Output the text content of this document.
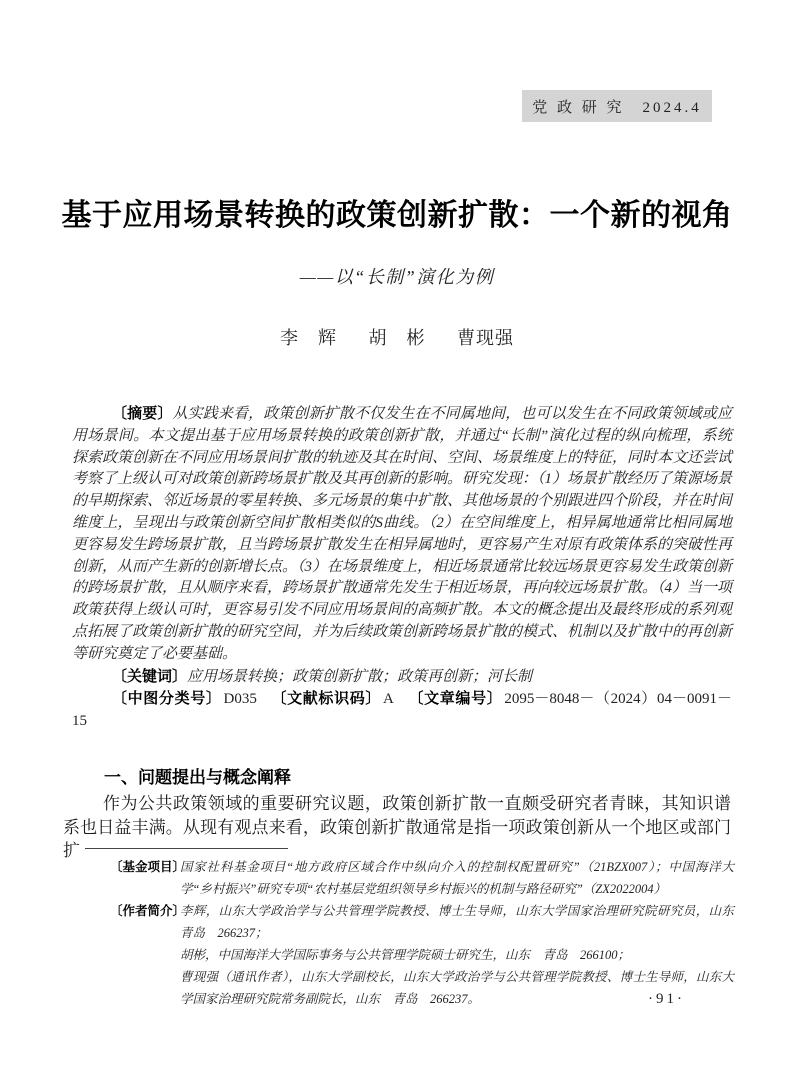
党 政 研 究　2024.4
基于应用场景转换的政策创新扩散：一个新的视角
——以“长制”演化为例
李　辉 胡　彬 曹现强

〔摘要〕从实践来看，政策创新扩散不仅发生在不同属地间，也可以发生在不同政策领域或应用场景间。本文提出基于应用场景转换的政策创新扩散，并通过“长制”演化过程的纵向梳理，系统探索政策创新在不同应用场景间扩散的轨迹及其在时间、空间、场景维度上的特征，同时本文还尝试考察了上级认可对政策创新跨场景扩散及其再创新的影响。研究发现：（1）场景扩散经历了策源场景的早期探索、邻近场景的零星转换、多元场景的集中扩散、其他场景的个别跟进四个阶段，并在时间维度上，呈现出与政策创新空间扩散相类似的S曲线。（2）在空间维度上，相异属地通常比相同属地更容易发生跨场景扩散，且当跨场景扩散发生在相异属地时，更容易产生对原有政策体系的突破性再创新，从而产生新的创新增长点。（3）在场景维度上，相近场景通常比较远场景更容易发生政策创新的跨场景扩散，且从顺序来看，跨场景扩散通常先发生于相近场景，再向较远场景扩散。（4）当一项政策获得上级认可时，更容易引发不同应用场景间的高频扩散。本文的概念提出及最终形成的系列观点拓展了政策创新扩散的研究空间，并为后续政策创新跨场景扩散的模式、机制以及扩散中的再创新等研究奠定了必要基础。

〔关键词〕应用场景转换；政策创新扩散；政策再创新；河长制

〔中图分类号〕 D035 〔文献标识码〕 A 〔文章编号〕 2095－8048－（2024）04－0091－15

一、问题提出与概念阐释

作为公共政策领域的重要研究议题，政策创新扩散一直颇受研究者青睐，其知识谱系也日益丰满。从现有观点来看，政策创新扩散通常是指一项政策创新从一个地区或部门扩

〔基金项目〕

国家社科基金项目“地方政府区域合作中纵向介入的控制权配置研究”（21BZX007）；中国海洋大学“乡村振兴”研究专项“农村基层党组织领导乡村振兴的机制与路径研究”（ZX2022004）

〔作者简介〕

李辉，山东大学政治学与公共管理学院教授、博士生导师，山东大学国家治理研究院研究员，山东　青岛　266237；

胡彬，中国海洋大学国际事务与公共管理学院硕士研究生，山东　青岛　266100；

曹现强（通讯作者），山东大学副校长，山东大学政治学与公共管理学院教授、博士生导师，山东大学国家治理研究院常务副院长，山东　青岛　266237。	·91·
